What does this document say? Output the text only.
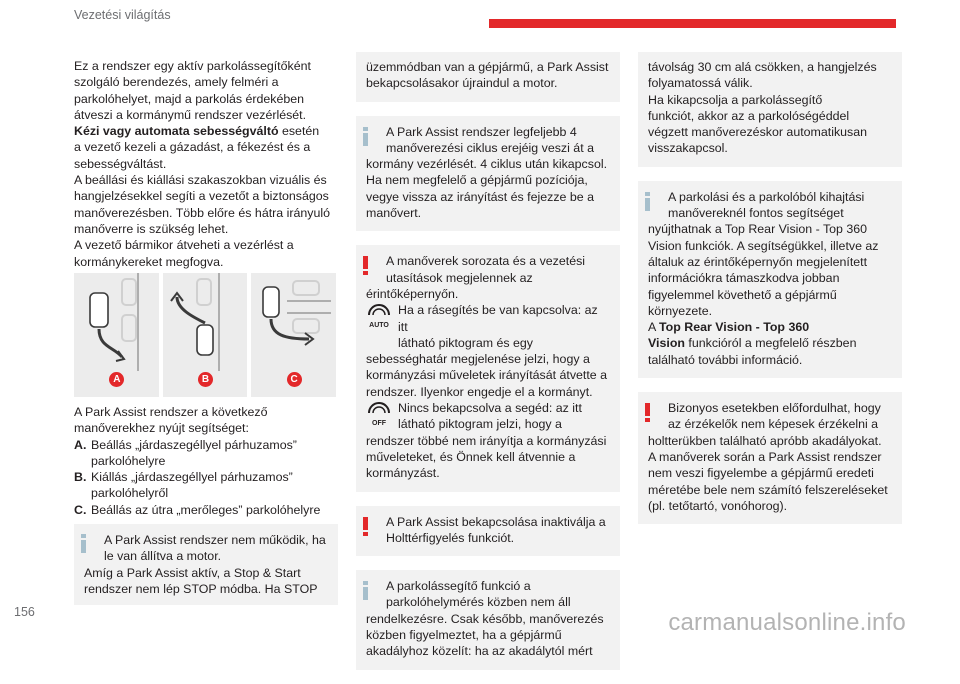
Vezetési világítás

Ez a rendszer egy aktív parkolássegítőként

szolgáló berendezés, amely felméri a

parkolóhelyet, majd a parkolás érdekében

átveszi a kormánymű rendszer vezérlését.

Kézi vagy automata sebességváltó esetén

a vezető kezeli a gázadást, a fékezést és a

sebességváltást.

A beállási és kiállási szakaszokban vizuális és

hangjelzésekkel segíti a vezetőt a biztonságos

manőverezésben. Több előre és hátra irányuló

manőverre is szükség lehet.

A vezető bármikor átveheti a vezérlést a

kormánykereket megfogva.

A	B	C

A Park Assist rendszer a következő

manőverekhez nyújt segítséget:

A. Beállás „járdaszegéllyel párhuzamos”
parkolóhelyre
B. Kiállás „járdaszegéllyel párhuzamos”
parkolóhelyről
C. Beállás az útra „merőleges” parkolóhelyre

A Park Assist rendszer nem működik, ha

le van állítva a motor.

Amíg a Park Assist aktív, a Stop & Start

rendszer nem lép STOP módba. Ha STOP

üzemmódban van a gépjármű, a Park Assist

bekapcsolásakor újraindul a motor.

A Park Assist rendszer legfeljebb 4

manőverezési ciklus erejéig veszi át a

kormány vezérlését. 4 ciklus után kikapcsol.

Ha nem megfelelő a gépjármű pozíciója,

vegye vissza az irányítást és fejezze be a

manővert.

A manőverek sorozata és a vezetési

utasítások megjelennek az

érintőképernyőn.

AUTO

Ha a rásegítés be van kapcsolva: az itt

látható piktogram és egy

sebességhatár megjelenése jelzi, hogy a

kormányzási műveletek irányítását átvette a

rendszer. Ilyenkor engedje el a kormányt.

OFF

Nincs bekapcsolva a segéd: az itt

látható piktogram jelzi, hogy a

rendszer többé nem irányítja a kormányzási

műveleteket, és Önnek kell átvennie a

kormányzást.

A Park Assist bekapcsolása inaktiválja a

Holttérfigyelés funkciót.

A parkolássegítő funkció a

parkolóhelymérés közben nem áll

rendelkezésre. Csak később, manőverezés

közben figyelmeztet, ha a gépjármű

akadályhoz közelít: ha az akadálytól mért

távolság 30 cm alá csökken, a hangjelzés

folyamatossá válik.

Ha kikapcsolja a parkolássegítő

funkciót, akkor az a parkolóségéddel

végzett manőverezéskor automatikusan

visszakapcsol.

A parkolási és a parkolóból kihajtási

manővereknél fontos segítséget

nyújthatnak a Top Rear Vision - Top 360

Vision funkciók. A segítségükkel, illetve az

általuk az érintőképernyőn megjelenített

információkra támaszkodva jobban

figyelemmel követhető a gépjármű

környezete.

A Top Rear Vision - Top 360

Vision funkcióról a megfelelő részben

található további információ.

Bizonyos esetekben előfordulhat, hogy

az érzékelők nem képesek érzékelni a

holtterükben található apróbb akadályokat.

A manőverek során a Park Assist rendszer

nem veszi figyelembe a gépjármű eredeti

méretébe bele nem számító felszereléseket

(pl. tetőtartó, vonóhorog).

156	carmanualsonline.info
